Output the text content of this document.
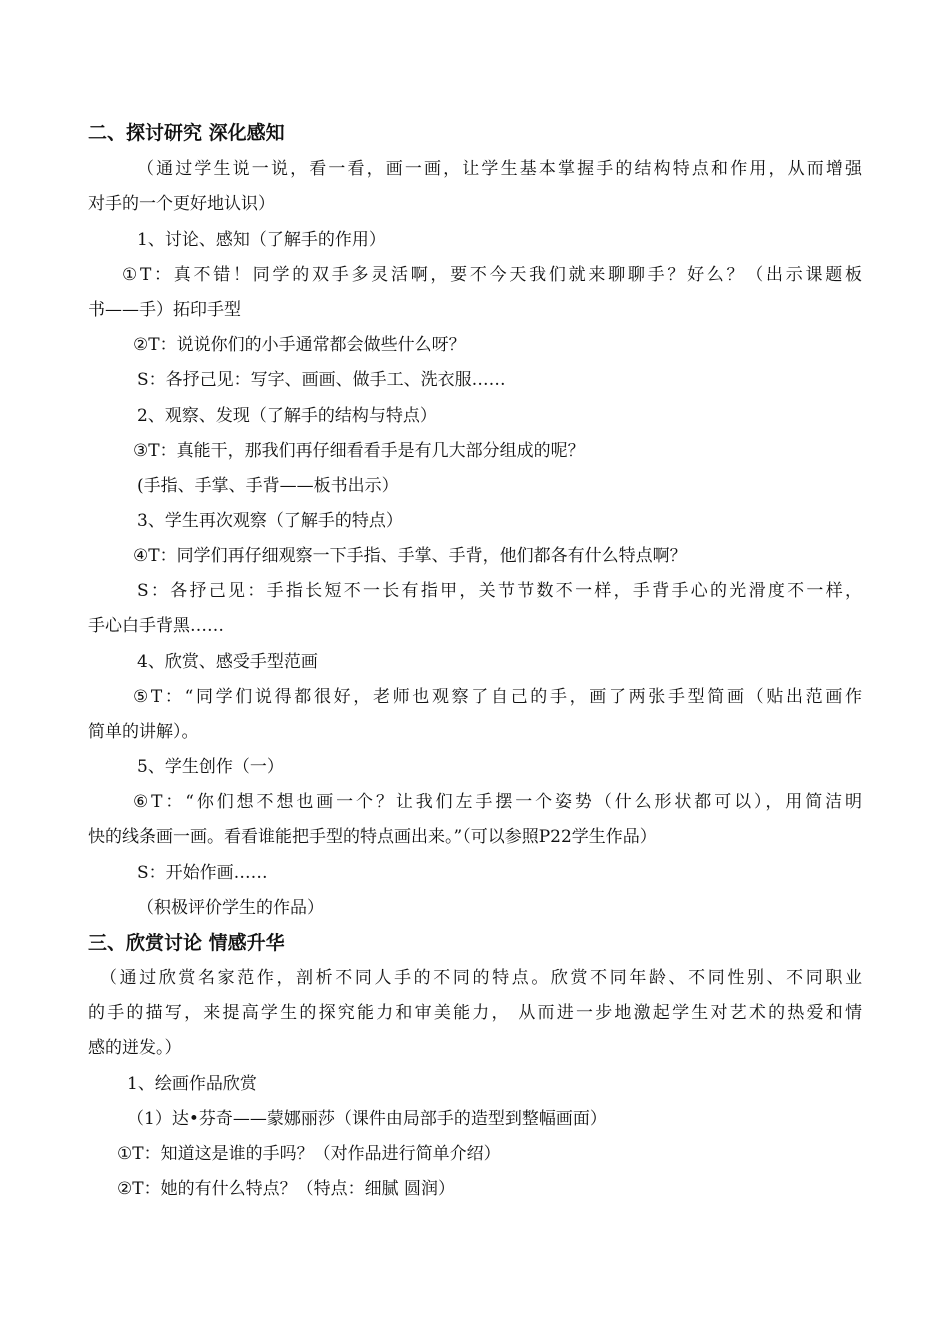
二、探讨研究 深化感知
（通过学生说一说，看一看，画一画，让学生基本掌握手的结构特点和作用，从而增强
对手的一个更好地认识）
1、讨论、感知（了解手的作用）
①T：真不错！同学的双手多灵活啊，要不今天我们就来聊聊手？好么？（出示课题板
书——手）拓印手型
②T：说说你们的小手通常都会做些什么呀？
S：各抒己见：写字、画画、做手工、洗衣服……
2、观察、发现（了解手的结构与特点）
③T：真能干，那我们再仔细看看手是有几大部分组成的呢？
(手指、手掌、手背——板书出示）
3、学生再次观察（了解手的特点）
④T：同学们再仔细观察一下手指、手掌、手背，他们都各有什么特点啊？
S：各抒己见：手指长短不一长有指甲，关节节数不一样，手背手心的光滑度不一样，
手心白手背黑……
4、欣赏、感受手型范画
⑤T：“同学们说得都很好，老师也观察了自己的手，画了两张手型简画（贴出范画作
简单的讲解）。
5、学生创作（一）
⑥T：“你们想不想也画一个？让我们左手摆一个姿势（什么形状都可以），用简洁明
快的线条画一画。看看谁能把手型的特点画出来。”（可以参照P22学生作品）
S：开始作画……
（积极评价学生的作品）
三、欣赏讨论 情感升华
（通过欣赏名家范作，剖析不同人手的不同的特点。欣赏不同年龄、不同性别、不同职业
的手的描写，来提高学生的探究能力和审美能力， 从而进一步地激起学生对艺术的热爱和情
感的迸发。）
1、绘画作品欣赏
（1）达•芬奇——蒙娜丽莎（课件由局部手的造型到整幅画面）
①T：知道这是谁的手吗？（对作品进行简单介绍）
②T：她的有什么特点？（特点：细腻 圆润）
